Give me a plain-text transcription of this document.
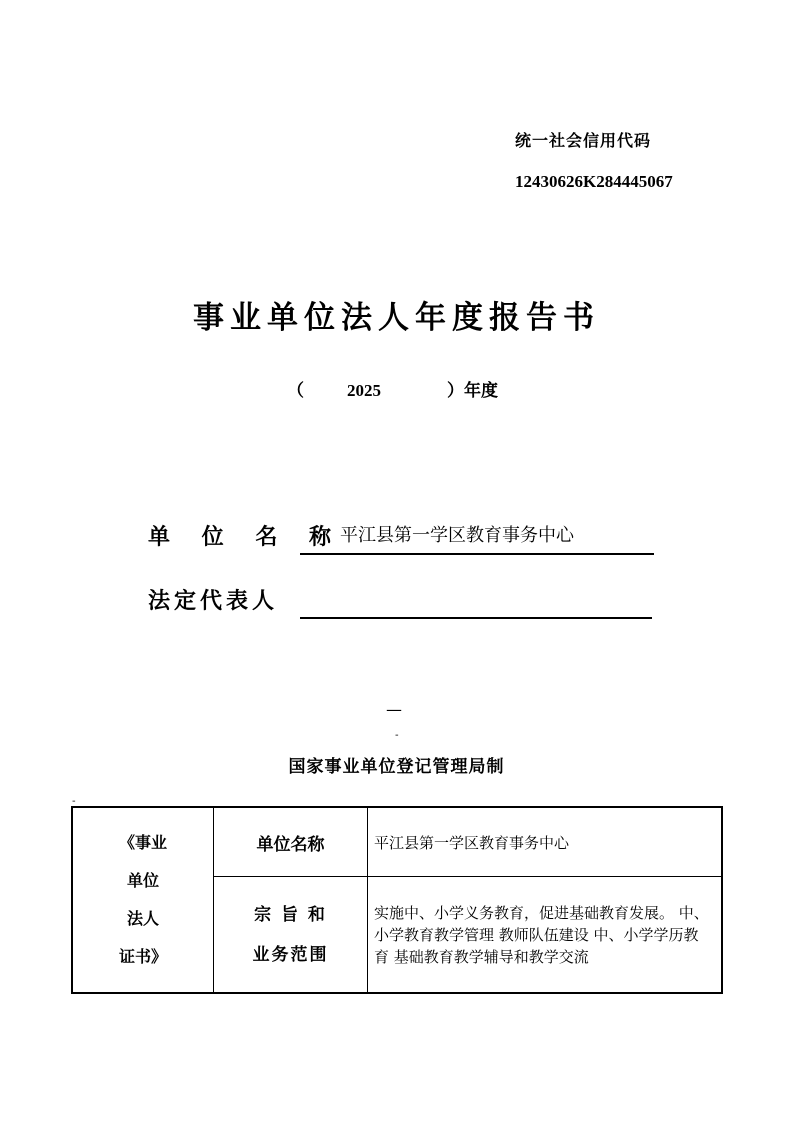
统一社会信用代码
12430626K284445067
事业单位法人年度报告书
（	2025	）年度
单 位 名 称
平江县第一学区教育事务中心
法定代表人
—
-
国家事业单位登记管理局制
-
《事业
单位
法人
证书》	单位名称	平江县第一学区教育事务中心

	宗 旨 和
业务范围	实施中、小学义务教育，促进基础教育发展。 中、小学教育教学管理 教师队伍建设 中、小学学历教育 基础教育教学辅导和教学交流
